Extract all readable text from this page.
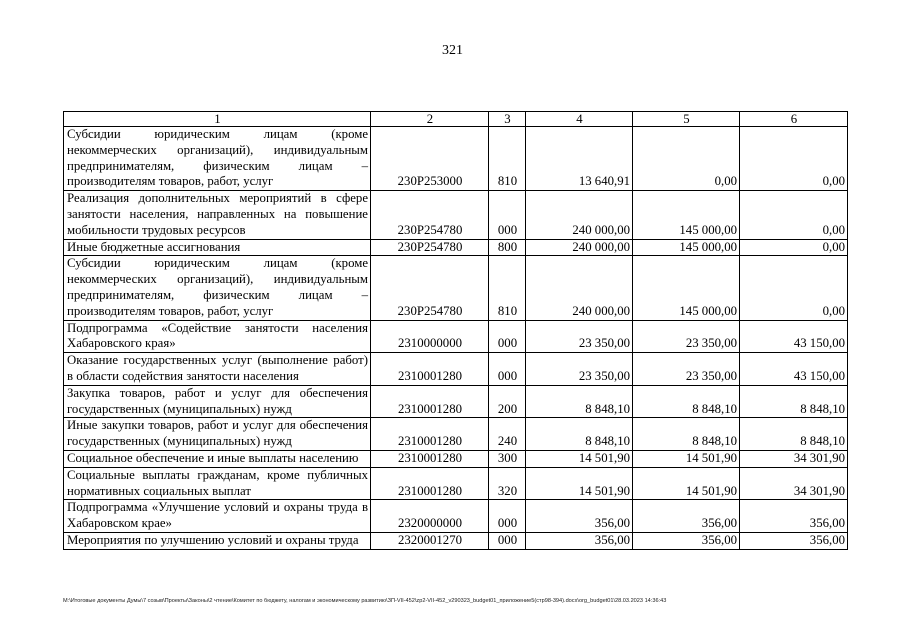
321
1	2	3	4	5	6
Субсидии юридическим лицам (кроме некоммерческих организаций), индивидуальным предпринимателям, физическим лицам – производителям товаров, работ, услуг	230P253000	810	13 640,91	0,00	0,00
Реализация дополнительных мероприятий в сфере занятости населения, направленных на повышение мобильности трудовых ресурсов	230P254780	000	240 000,00	145 000,00	0,00
Иные бюджетные ассигнования	230P254780	800	240 000,00	145 000,00	0,00
Субсидии юридическим лицам (кроме некоммерческих организаций), индивидуальным предпринимателям, физическим лицам – производителям товаров, работ, услуг	230P254780	810	240 000,00	145 000,00	0,00
Подпрограмма «Содействие занятости населения Хабаровского края»	2310000000	000	23 350,00	23 350,00	43 150,00
Оказание государственных услуг (выполнение работ) в области содействия занятости населения	2310001280	000	23 350,00	23 350,00	43 150,00
Закупка товаров, работ и услуг для обеспечения государственных (муниципальных) нужд	2310001280	200	8 848,10	8 848,10	8 848,10
Иные закупки товаров, работ и услуг для обеспечения государственных (муниципальных) нужд	2310001280	240	8 848,10	8 848,10	8 848,10
Социальное обеспечение и иные выплаты населению	2310001280	300	14 501,90	14 501,90	34 301,90
Социальные выплаты гражданам, кроме публичных нормативных социальных выплат	2310001280	320	14 501,90	14 501,90	34 301,90
Подпрограмма «Улучшение условий и охраны труда в Хабаровском крае»	2320000000	000	356,00	356,00	356,00
Мероприятия по улучшению условий и охраны труда	2320001270	000	356,00	356,00	356,00
M:\Итоговые документы Думы\7 созыв\Проекты\Законы\2 чтение\Комитет по бюджету, налогам и экономическому развитию\ЗП-VII-452\zp2-VII-452_v290323_budget01_приложение5(стр98-394).docx\org_budget01\28.03.2023 14:36:43
